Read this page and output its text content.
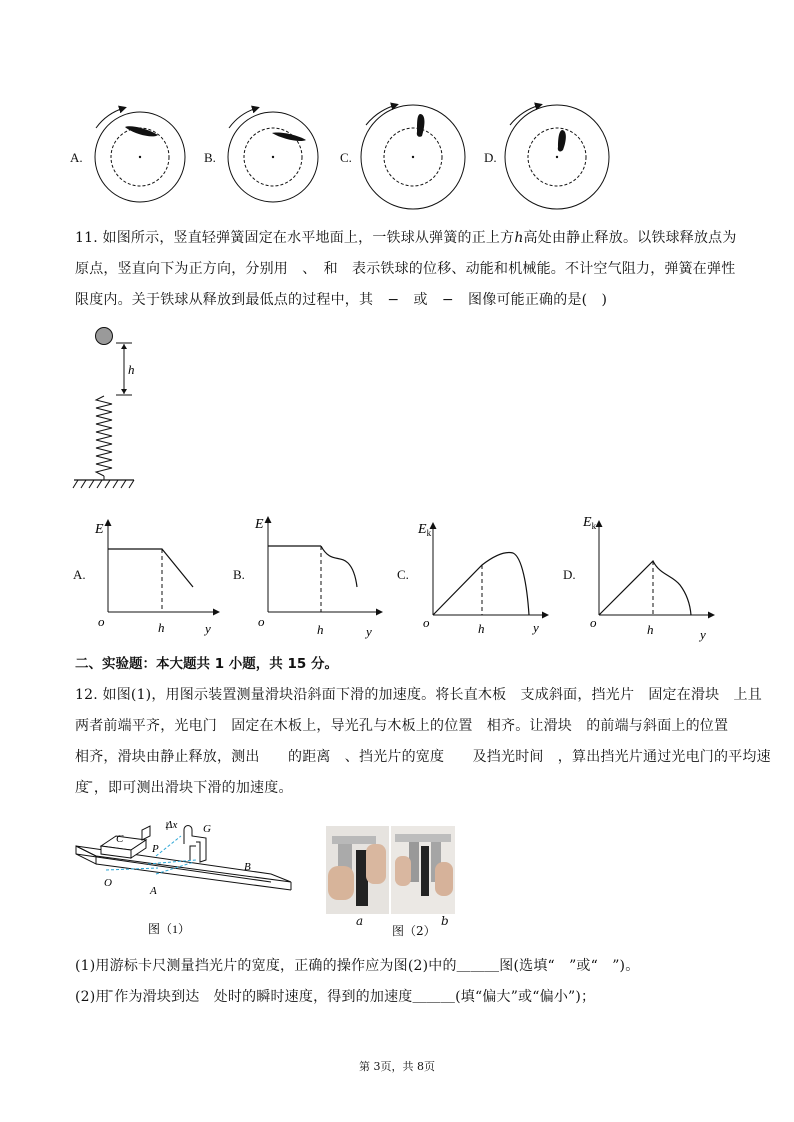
A.	B.	C.	D.
11. 如图所示，竖直轻弹簧固定在水平地面上，一铁球从弹簧的正上方h高处由静止释放。以铁球释放点为
原点，竖直向下为正方向，分别用　、　和　表示铁球的位移、动能和机械能。不计空气阻力，弹簧在弹性
限度内。关于铁球从释放到最低点的过程中，其　−　或　−　图像可能正确的是(　)
h
A.	B.	C.	D.
E
o	h	y
E
o
h	y
$E_k$
o	h	y
$E_k$
o	h	y
二、实验题：本大题共 1 小题，共 15 分。
12. 如图(1)，用图示装置测量滑块沿斜面下滑的加速度。将长直木板　支成斜面，挡光片　固定在滑块　上且
两者前端平齐，光电门　固定在木板上，导光孔与木板上的位置　相齐。让滑块　的前端与斜面上的位置
相齐，滑块由静止释放，测出　　的距离　、挡光片的宽度　　及挡光时间　，算出挡光片通过光电门的平均速
度 ̄，即可测出滑块下滑的加速度。
Δx G
C
P
B
O
A
图（1）
a	b
图（2）
(1)用游标卡尺测量挡光片的宽度，正确的操作应为图(2)中的＿＿＿图(选填“　”或“　”)。
(2)用 ̄作为滑块到达　处时的瞬时速度，得到的加速度＿＿＿(填“偏大”或“偏小”)；
第 3页，共 8页
